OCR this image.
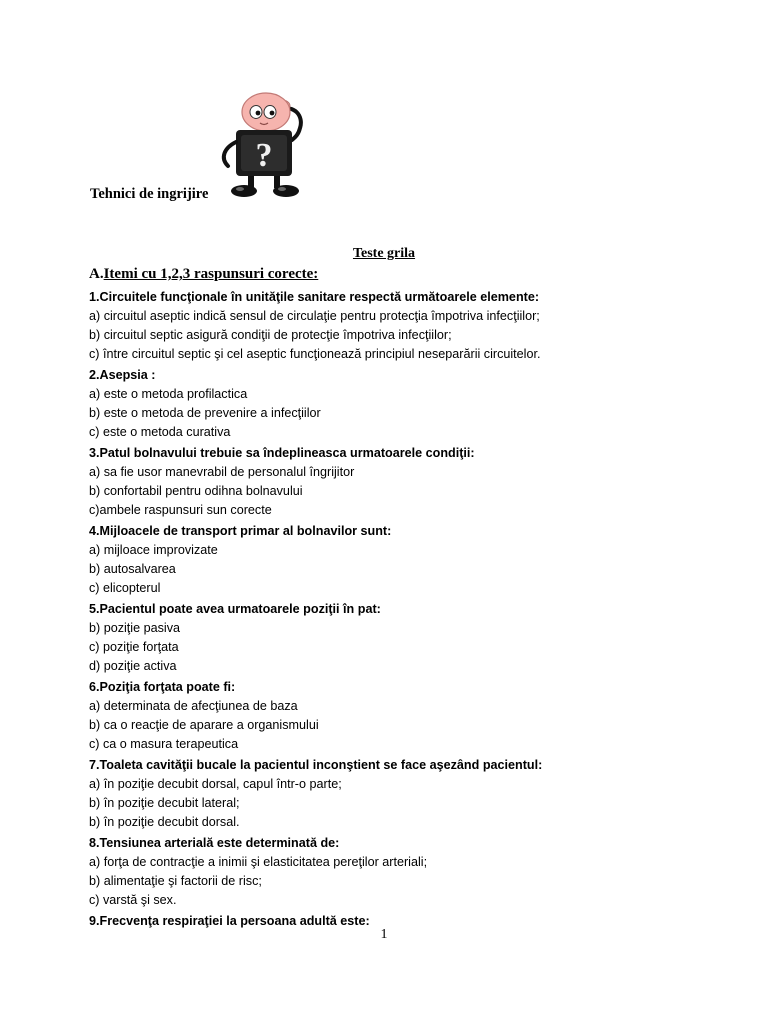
?
Tehnici de ingrijire
Teste grila
A.Itemi cu 1,2,3 raspunsuri corecte:
1.Circuitele funcţionale în unităţile sanitare respectă următoarele elemente:
a) circuitul aseptic indică sensul de circulaţie pentru protecţia împotriva infecţiilor;
b) circuitul septic asigură condiţii de protecţie împotriva infecţiilor;
c) între circuitul septic şi cel aseptic funcţionează principiul neseparării circuitelor.
2.Asepsia :
a) este o metoda profilactica
b) este o metoda de prevenire a infecţiilor
c) este o metoda curativa
3.Patul bolnavului trebuie sa îndeplineasca urmatoarele condiţii:
a) sa fie usor manevrabil de personalul îngrijitor
b) confortabil pentru odihna bolnavului
c)ambele raspunsuri sun corecte
4.Mijloacele de transport primar al bolnavilor sunt:
a) mijloace improvizate
b) autosalvarea
c) elicopterul
5.Pacientul poate avea urmatoarele poziţii în pat:
b) poziţie pasiva
c) poziţie forţata
d) poziţie activa
6.Poziţia forţata poate fi:
a) determinata de afecţiunea de baza
b) ca o reacţie de aparare a organismului
c) ca o masura terapeutica
7.Toaleta cavităţii bucale la pacientul inconştient se face aşezând pacientul:
a) în poziţie decubit dorsal, capul într-o parte;
b) în poziţie decubit lateral;
b) în poziţie decubit dorsal.
8.Tensiunea arterială este determinată de:
a) forţa de contracţie a inimii şi elasticitatea pereţilor arteriali;
b) alimentaţie şi factorii de risc;
c) varstă şi sex.
9.Frecvenţa respiraţiei la persoana adultă este:
1
